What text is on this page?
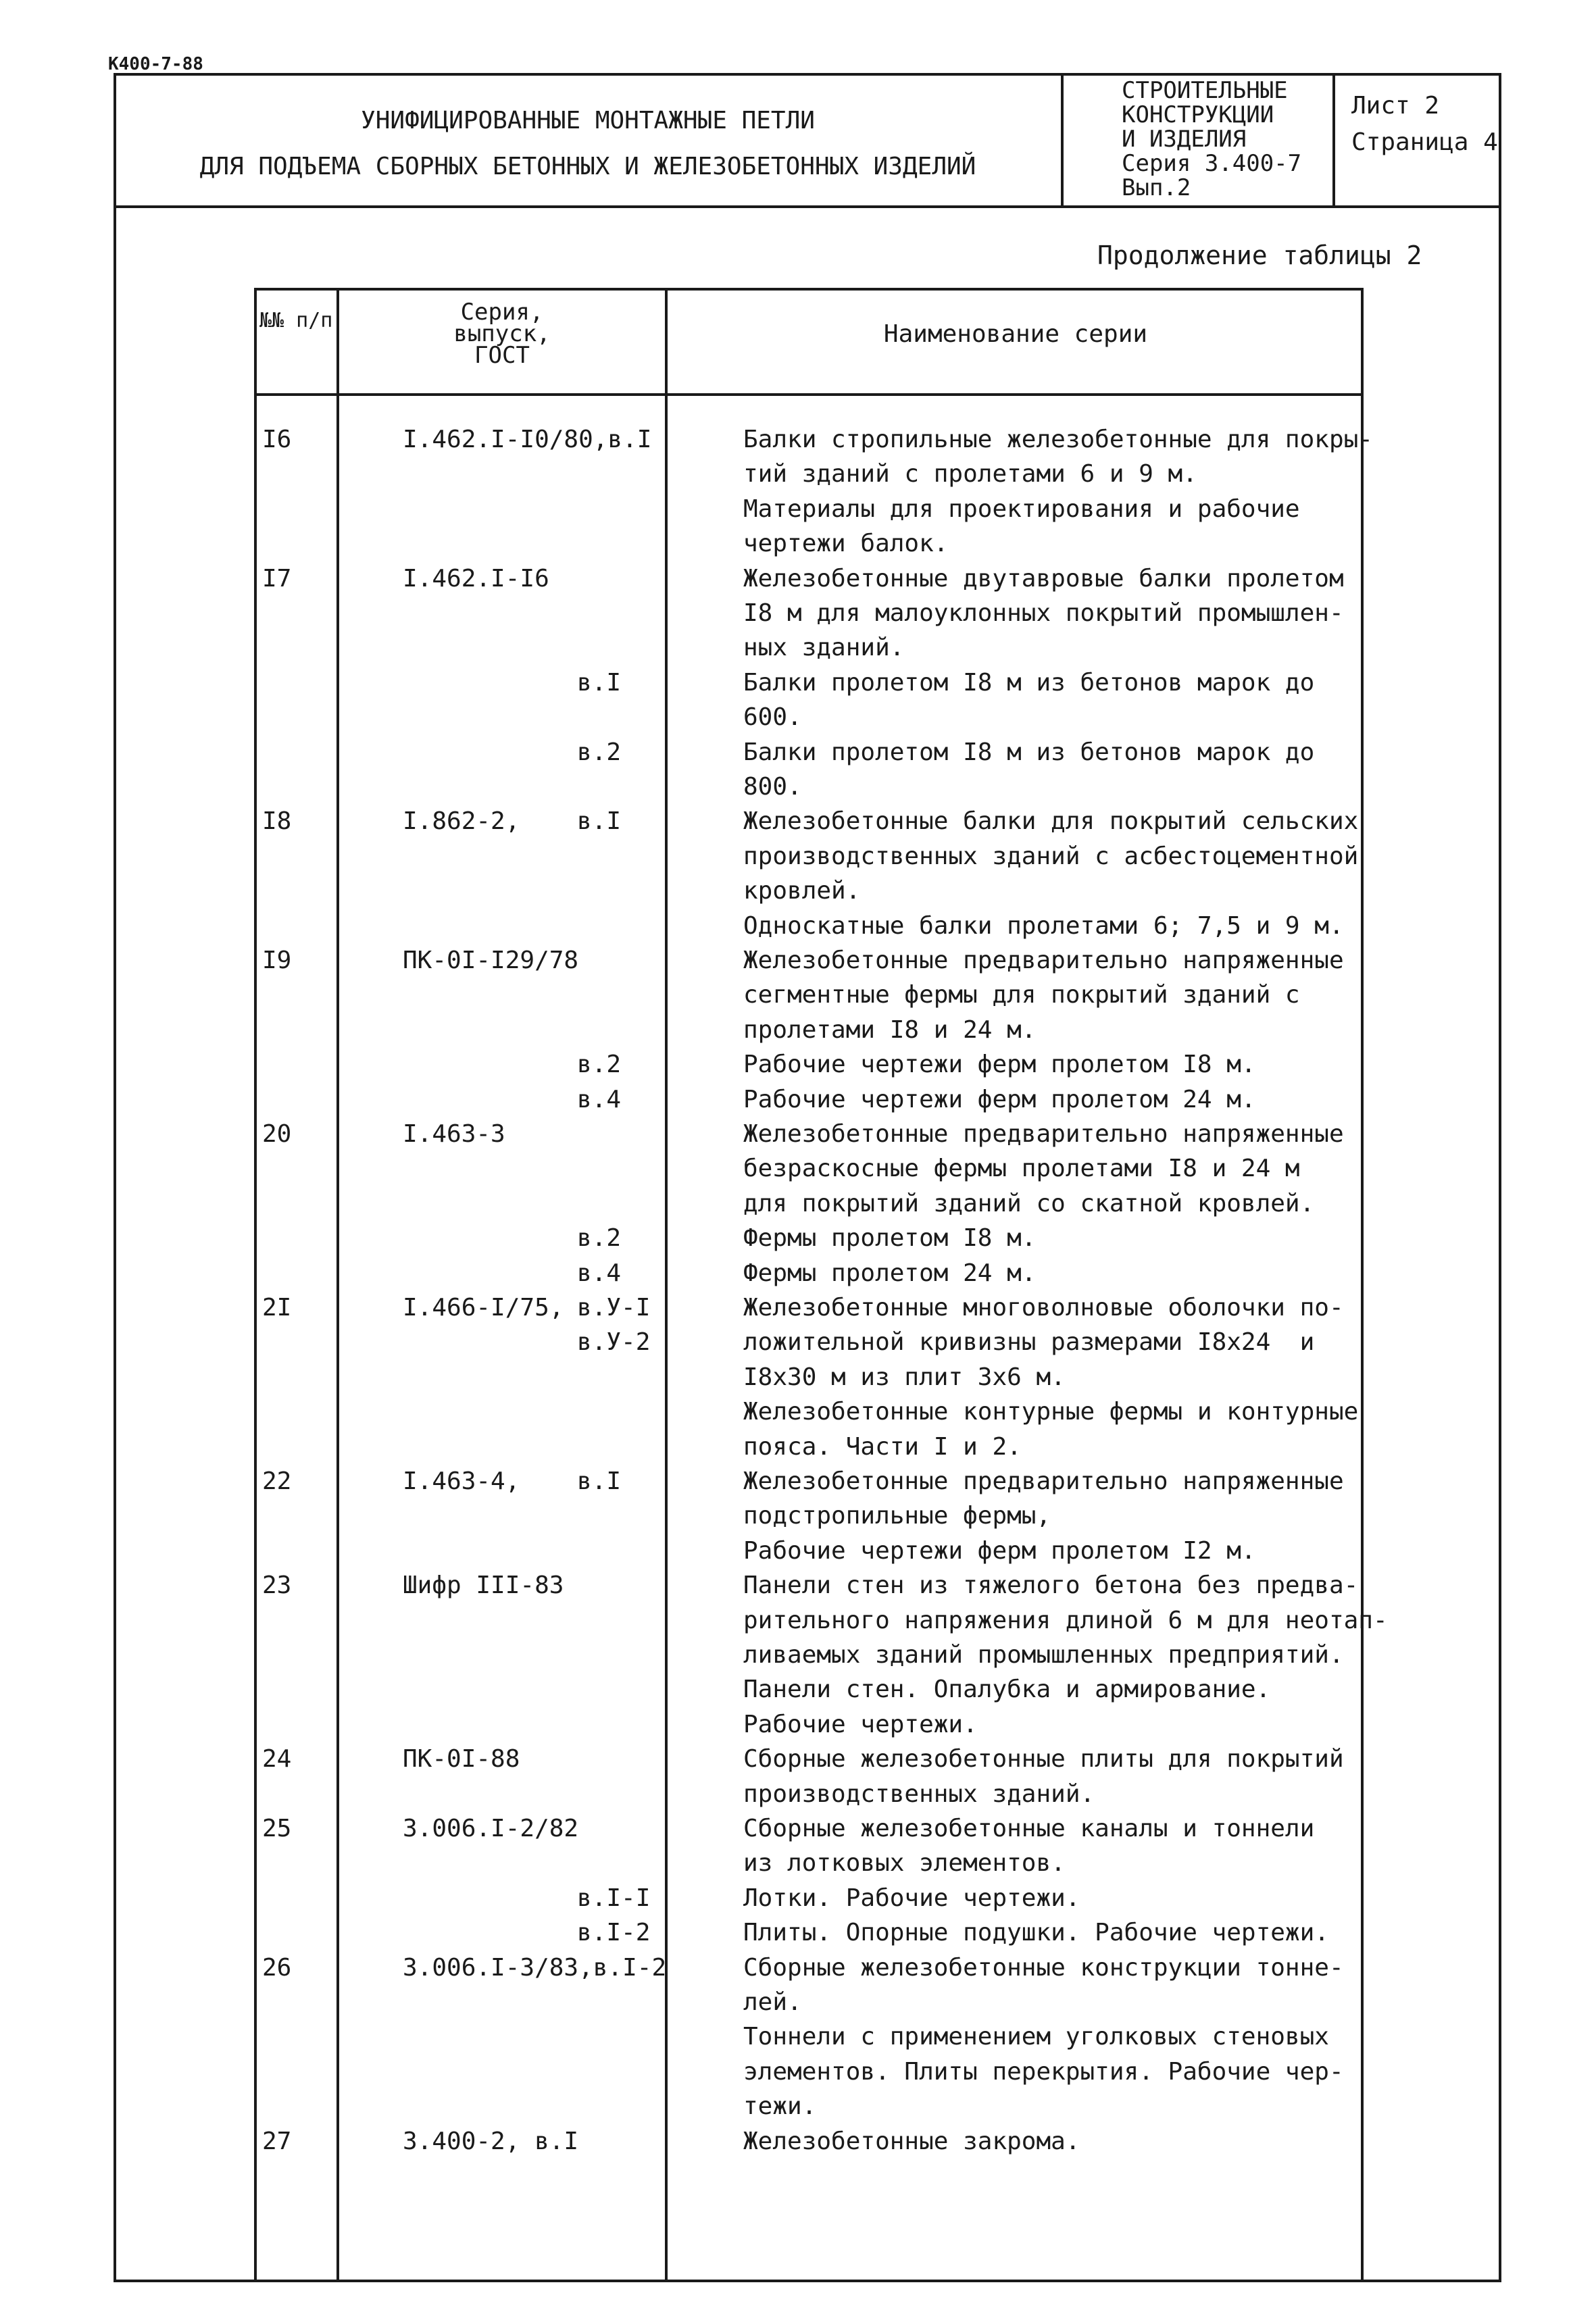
К400-7-88
УНИФИЦИРОВАННЫЕ МОНТАЖНЫЕ ПЕТЛИ
ДЛЯ ПОДЪЕМА СБОРНЫХ БЕТОННЫХ И ЖЕЛЕЗОБЕТОННЫХ ИЗДЕЛИЙ
СТРОИТЕЛЬНЫЕ
КОНСТРУКЦИИ
И ИЗДЕЛИЯ
Серия 3.400-7
Вып.2
Лист 2
Страница 4
Продолжение таблицы 2
№№ п/п	Серия,
выпуск,
ГОСТ
Наименование серии
I6	I.462.I-I0/80,в.I	Балки стропильные железобетонные для покры-
тий зданий с пролетами 6 и 9 м.
Материалы для проектирования и рабочие
чертежи балок.
I7	I.462.I-I6	Железобетонные двутавровые балки пролетом
I8 м для малоуклонных покрытий промышлен-
ных зданий.
в.I	Балки пролетом I8 м из бетонов марок до
600.
в.2	Балки пролетом I8 м из бетонов марок до
800.
I8	I.862-2, в.I	Железобетонные балки для покрытий сельских
производственных зданий с асбестоцементной
кровлей.
Односкатные балки пролетами 6; 7,5 и 9 м.
I9	ПК-0I-I29/78	Железобетонные предварительно напряженные
сегментные фермы для покрытий зданий с
пролетами I8 и 24 м.
в.2	Рабочие чертежи ферм пролетом I8 м.
в.4	Рабочие чертежи ферм пролетом 24 м.
20	I.463-3	Железобетонные предварительно напряженные
безраскосные фермы пролетами I8 и 24 м
для покрытий зданий со скатной кровлей.
в.2	Фермы пролетом I8 м.
в.4	Фермы пролетом 24 м.
2I	I.466-I/75, в.У-I	Железобетонные многоволновые оболочки по-
в.У-2	ложительной кривизны размерами I8x24  и
I8x30 м из плит 3x6 м.
Железобетонные контурные фермы и контурные
пояса. Части I и 2.
22	I.463-4, в.I	Железобетонные предварительно напряженные
подстропильные фермы,
Рабочие чертежи ферм пролетом I2 м.
23	Шифр III-83	Панели стен из тяжелого бетона без предва-
рительного напряжения длиной 6 м для неотап-
ливаемых зданий промышленных предприятий.
Панели стен. Опалубка и армирование.
Рабочие чертежи.
24	ПК-0I-88	Сборные железобетонные плиты для покрытий
производственных зданий.
25	3.006.I-2/82	Сборные железобетонные каналы и тоннели
из лотковых элементов.
в.I-I	Лотки. Рабочие чертежи.
в.I-2	Плиты. Опорные подушки. Рабочие чертежи.
26	3.006.I-3/83,в.I-2	Сборные железобетонные конструкции тонне-
лей.
Тоннели с применением уголковых стеновых
элементов. Плиты перекрытия. Рабочие чер-
тежи.
27	3.400-2, в.I	Железобетонные закрома.
